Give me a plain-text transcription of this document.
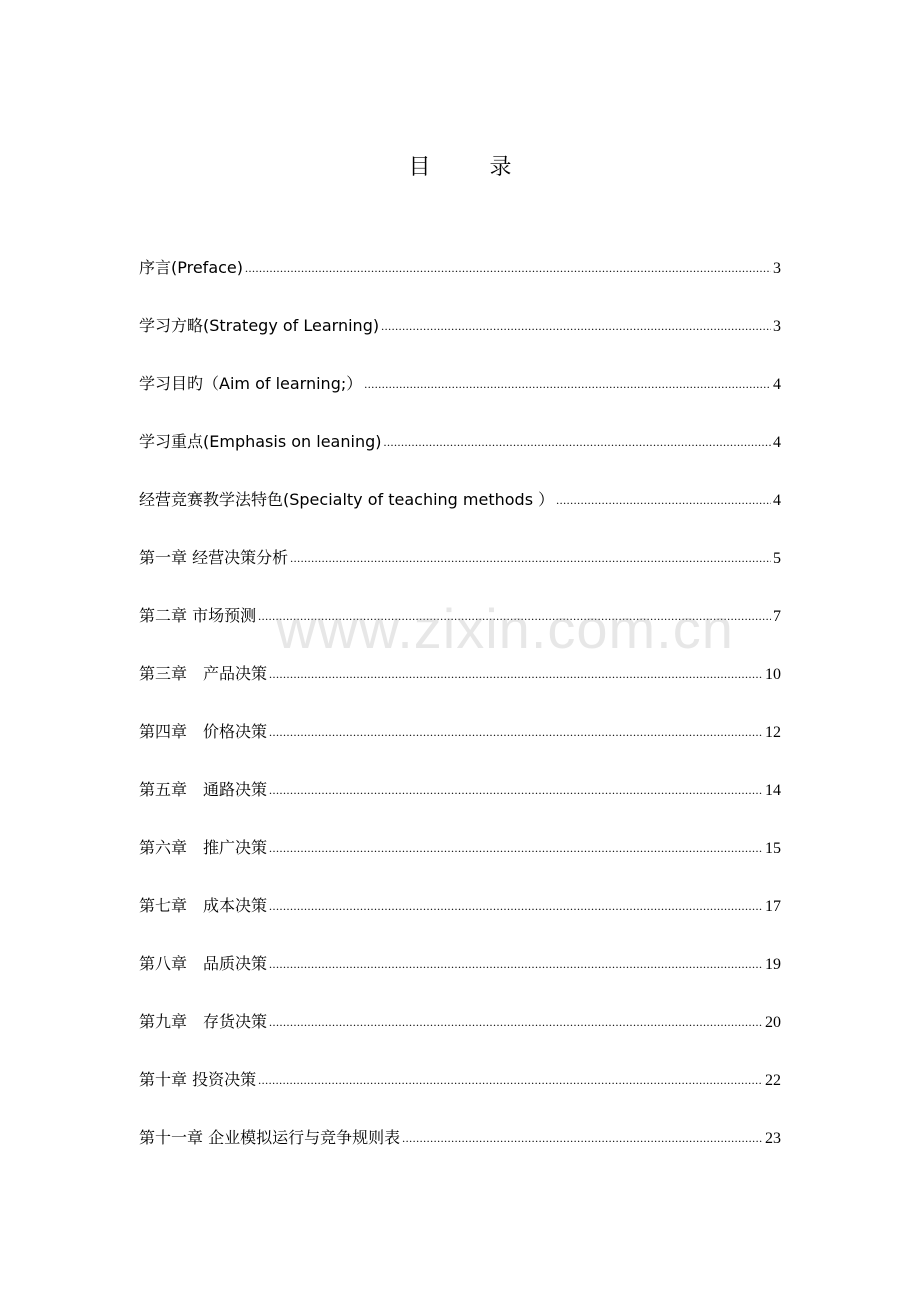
目 录
序言(Preface) .....	3
学习方略(Strategy of Learning) .....	3
学习目旳（Aim of learning;） .....	4
学习重点(Emphasis on leaning) .....	4
经营竞赛教学法特色(Specialty of teaching methods ） .....	4
第一章 经营决策分析 .....	5
第二章 市场预测 .....	7
第三章　产品决策 .....	10
第四章　价格决策 .....	12
第五章　通路决策 .....	14
第六章　推广决策 .....	15
第七章　成本决策 .....	17
第八章　品质决策 .....	19
第九章　存货决策 .....	20
第十章 投资决策 .....	22
第十一章 企业模拟运行与竞争规则表 .....	23
www.zixin.com.cn
